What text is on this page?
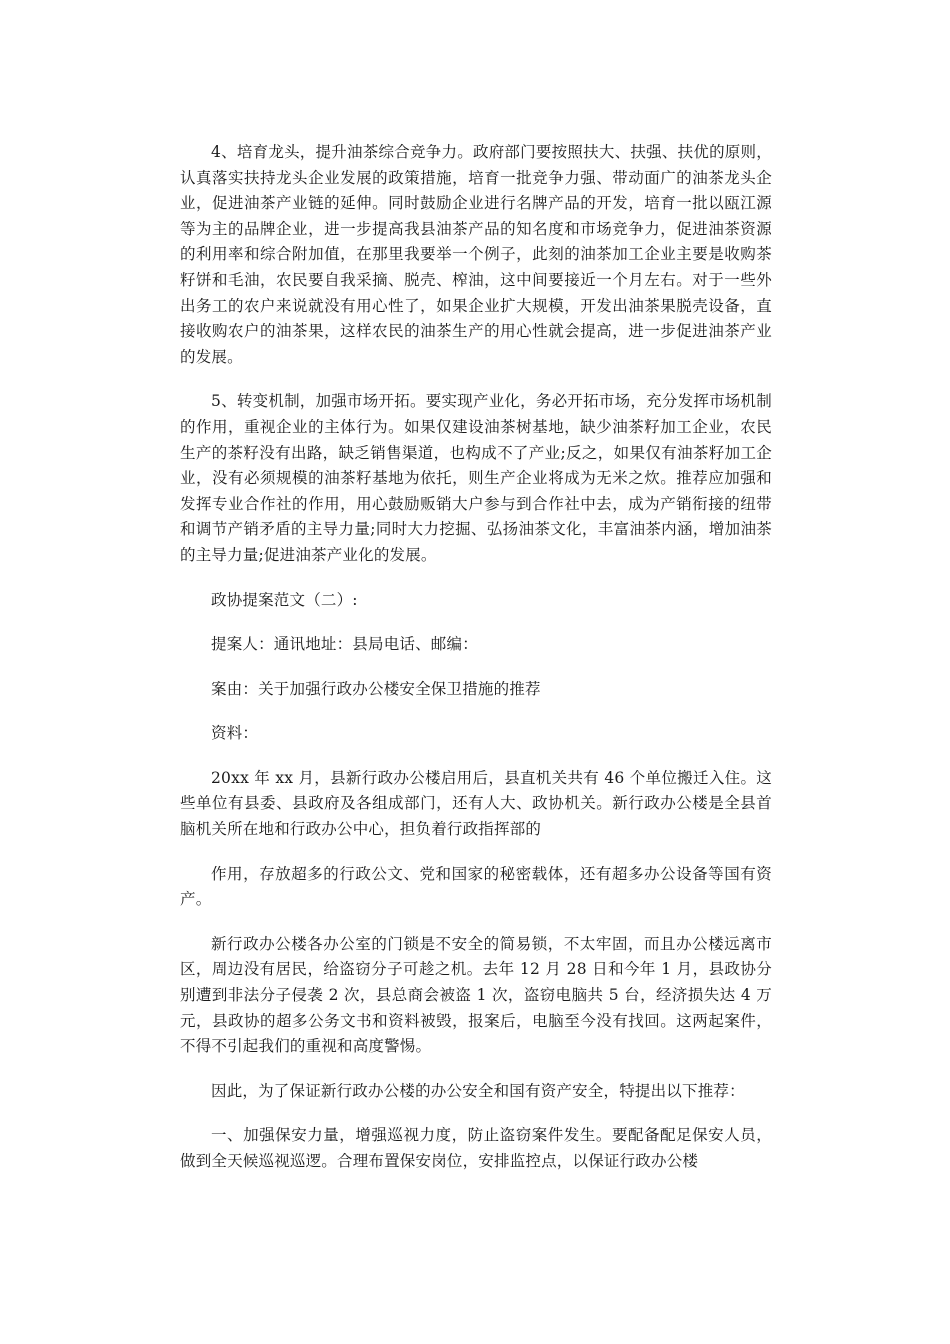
4、培育龙头，提升油茶综合竞争力。政府部门要按照扶大、扶强、扶优的原则，认真落实扶持龙头企业发展的政策措施，培育一批竞争力强、带动面广的油茶龙头企业，促进油茶产业链的延伸。同时鼓励企业进行名牌产品的开发，培育一批以瓯江源等为主的品牌企业，进一步提高我县油茶产品的知名度和市场竞争力，促进油茶资源的利用率和综合附加值，在那里我要举一个例子，此刻的油茶加工企业主要是收购茶籽饼和毛油，农民要自我采摘、脱壳、榨油，这中间要接近一个月左右。对于一些外出务工的农户来说就没有用心性了，如果企业扩大规模，开发出油茶果脱壳设备，直接收购农户的油茶果，这样农民的油茶生产的用心性就会提高，进一步促进油茶产业的发展。

5、转变机制，加强市场开拓。要实现产业化，务必开拓市场，充分发挥市场机制的作用，重视企业的主体行为。如果仅建设油茶树基地，缺少油茶籽加工企业，农民生产的茶籽没有出路，缺乏销售渠道，也构成不了产业;反之，如果仅有油茶籽加工企业，没有必须规模的油茶籽基地为依托，则生产企业将成为无米之炊。推荐应加强和发挥专业合作社的作用，用心鼓励贩销大户参与到合作社中去，成为产销衔接的纽带和调节产销矛盾的主导力量;同时大力挖掘、弘扬油茶文化，丰富油茶内涵，增加油茶的主导力量;促进油茶产业化的发展。

政协提案范文（二）:

提案人：通讯地址：县局电话、邮编：

案由：关于加强行政办公楼安全保卫措施的推荐

资料：

20xx 年 xx 月，县新行政办公楼启用后，县直机关共有 46 个单位搬迁入住。这些单位有县委、县政府及各组成部门，还有人大、政协机关。新行政办公楼是全县首脑机关所在地和行政办公中心，担负着行政指挥部的

作用，存放超多的行政公文、党和国家的秘密载体，还有超多办公设备等国有资产。

新行政办公楼各办公室的门锁是不安全的简易锁，不太牢固，而且办公楼远离市区，周边没有居民，给盗窃分子可趁之机。去年 12 月 28 日和今年 1 月，县政协分别遭到非法分子侵袭 2 次，县总商会被盗 1 次，盗窃电脑共 5 台，经济损失达 4 万元，县政协的超多公务文书和资料被毁，报案后，电脑至今没有找回。这两起案件，不得不引起我们的重视和高度警惕。

因此，为了保证新行政办公楼的办公安全和国有资产安全，特提出以下推荐：

一、加强保安力量，增强巡视力度，防止盗窃案件发生。要配备配足保安人员，做到全天候巡视巡逻。合理布置保安岗位，安排监控点，以保证行政办公楼
